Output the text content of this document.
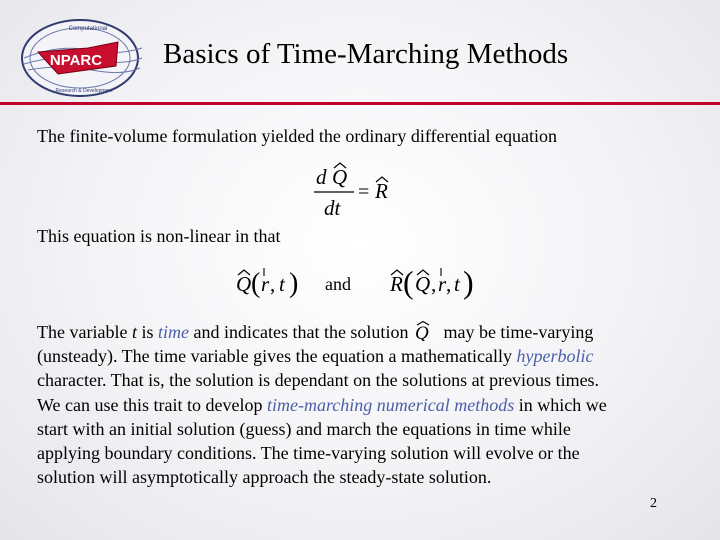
NPARC
Computational
Research & Development
Basics of Time-Marching Methods
The finite-volume formulation yielded the ordinary differential equation
d Q
dt
= R
This equation is non-linear in that
Q ( r , t ) and R ( Q , r , t )

The variable t is time and indicates that the solution Q may be time-varying

(unsteady). The time variable gives the equation a mathematically hyperbolic

character. That is, the solution is dependant on the solutions at previous times.

We can use this trait to develop time-marching numerical methods in which we

start with an initial solution (guess) and march the equations in time while

applying boundary conditions. The time-varying solution will evolve or the

solution will asymptotically approach the steady-state solution.

2
